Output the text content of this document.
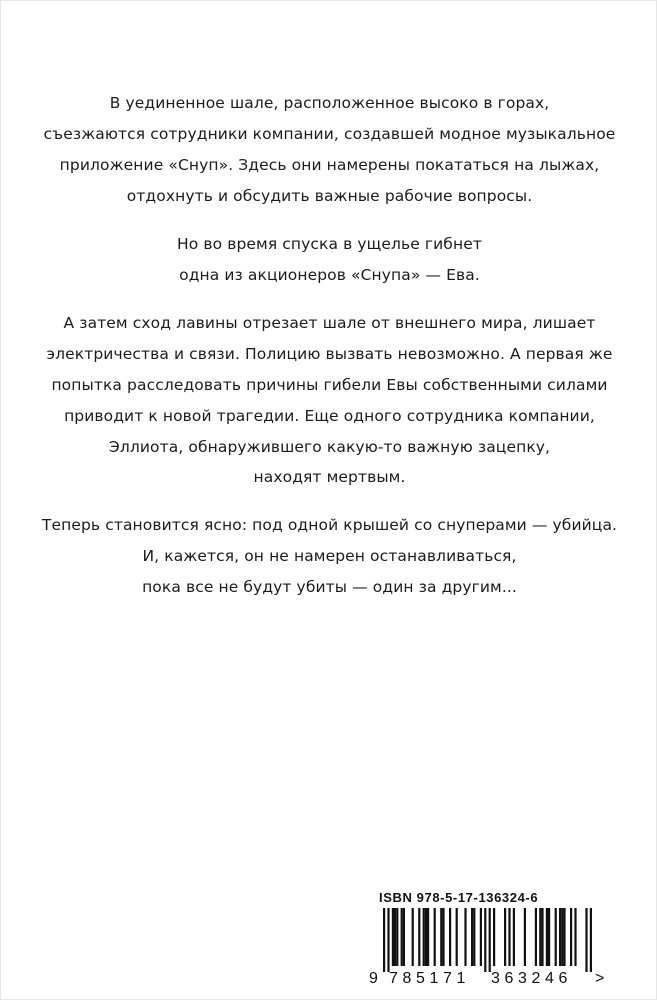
В уединенное шале, расположенное высоко в горах,
съезжаются сотрудники компании, создавшей модное музыкальное
приложение «Снуп». Здесь они намерены покататься на лыжах,
отдохнуть и обсудить важные рабочие вопросы.
Но во время спуска в ущелье гибнет
одна из акционеров «Снупа» — Ева.
А затем сход лавины отрезает шале от внешнего мира, лишает
электричества и связи. Полицию вызвать невозможно. А первая же
попытка расследовать причины гибели Евы собственными силами
приводит к новой трагедии. Еще одного сотрудника компании,
Эллиота, обнаружившего какую-то важную зацепку,
находят мертвым.
Теперь становится ясно: под одной крышей со снуперами — убийца.
И, кажется, он не намерен останавливаться,
пока все не будут убиты — один за другим...
ISBN 978-5-17-136324-6
9 785171 363246 >
